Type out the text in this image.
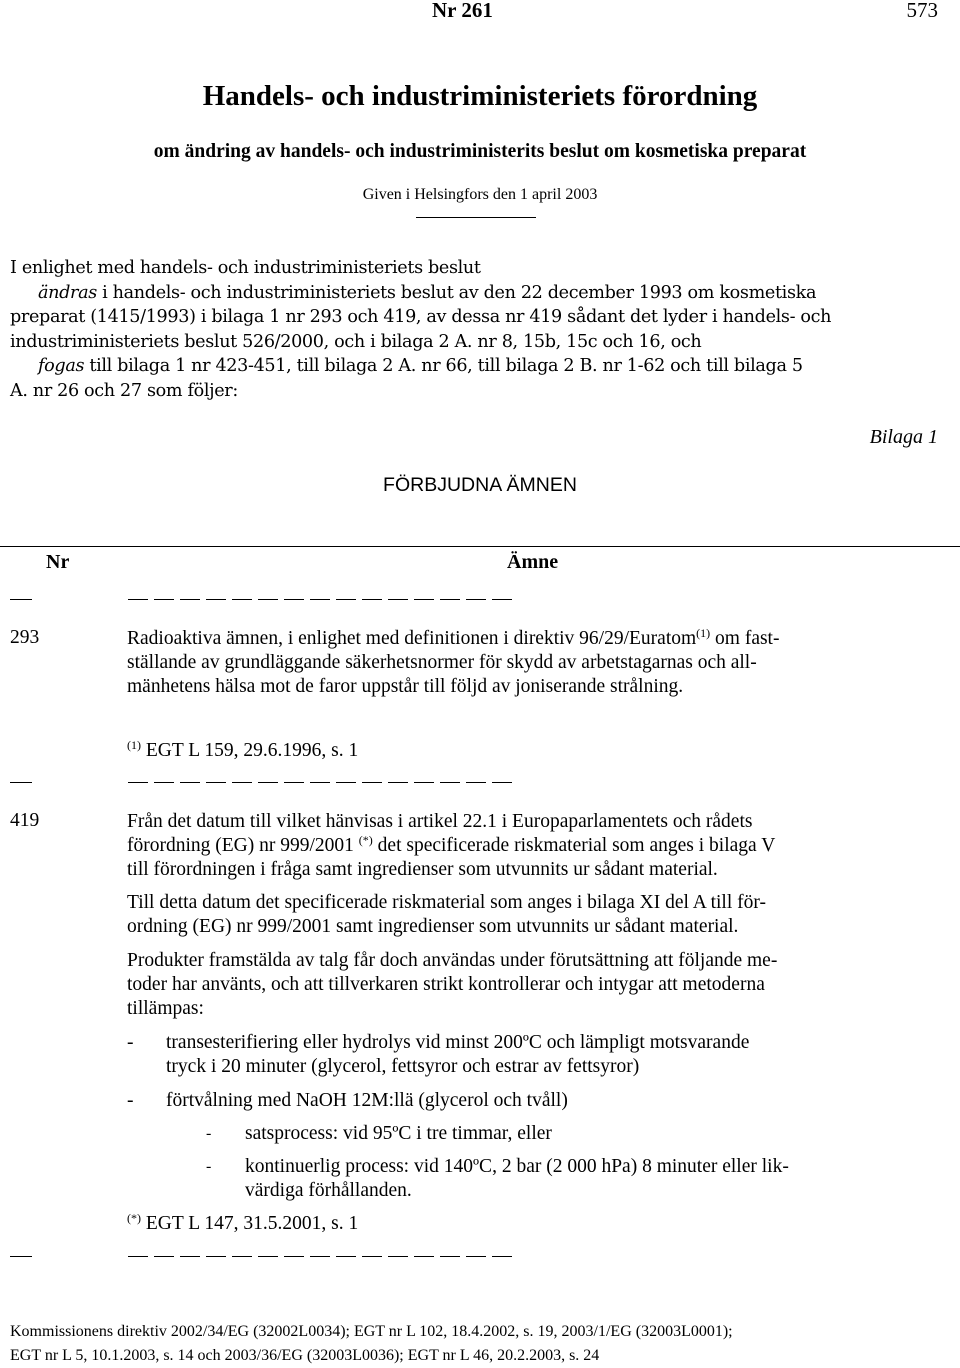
Nr 261	573
Handels- och industriministeriets förordning
om ändring av handels- och industriministerits beslut om kosmetiska preparat
Given i Helsingfors den 1 april 2003
I enlighet med handels- och industriministeriets beslut
ändras i handels- och industriministeriets beslut av den 22 december 1993 om kosmetiska
preparat (1415/1993) i bilaga 1 nr 293 och 419, av dessa nr 419 sådant det lyder i handels- och
industriministeriets beslut 526/2000, och i bilaga 2 A. nr 8, 15b, 15c och 16, och
fogas till bilaga 1 nr 423-451, till bilaga 2 A. nr 66, till bilaga 2 B. nr 1-62 och till bilaga 5
A. nr 26 och 27 som följer:
Bilaga 1
FÖRBJUDNA ÄMNEN
Nr	Ämne
293	Radioaktiva ämnen, i enlighet med definitionen i direktiv 96/29/Euratom$^{(1)}$ om fast-
ställande av grundläggande säkerhetsnormer för skydd av arbetstagarnas och all-
mänhetens hälsa mot de faror uppstår till följd av joniserande strålning.
$^{(1)}$ EGT L 159, 29.6.1996, s. 1
419	Från det datum till vilket hänvisas i artikel 22.1 i Europaparlamentets och rådets
förordning (EG) nr 999/2001 (*) det specificerade riskmaterial som anges i bilaga V
till förordningen i fråga samt ingredienser som utvunnits ur sådant material.
Till detta datum det specificerade riskmaterial som anges i bilaga XI del A till för-
ordning (EG) nr 999/2001 samt ingredienser som utvunnits ur sådant material.
Produkter framstälda av talg får doch användas under förutsättning att följande me-
toder har använts, och att tillverkaren strikt kontrollerar och intygar att metoderna
tillämpas:
- transesterifiering eller hydrolys vid minst 200ºC och lämpligt motsvarande
tryck i 20 minuter (glycerol, fettsyror och estrar av fettsyror)
- förtvålning med NaOH 12M:llä (glycerol och tvåll)
- satsprocess: vid 95ºC i tre timmar, eller
- kontinuerlig process: vid 140ºC, 2 bar (2 000 hPa) 8 minuter eller lik-
värdiga förhållanden.
(*) EGT L 147, 31.5.2001, s. 1
Kommissionens direktiv 2002/34/EG (32002L0034); EGT nr L 102, 18.4.2002, s. 19, 2003/1/EG (32003L0001);
EGT nr L 5, 10.1.2003, s. 14 och 2003/36/EG (32003L0036); EGT nr L 46, 20.2.2003, s. 24
